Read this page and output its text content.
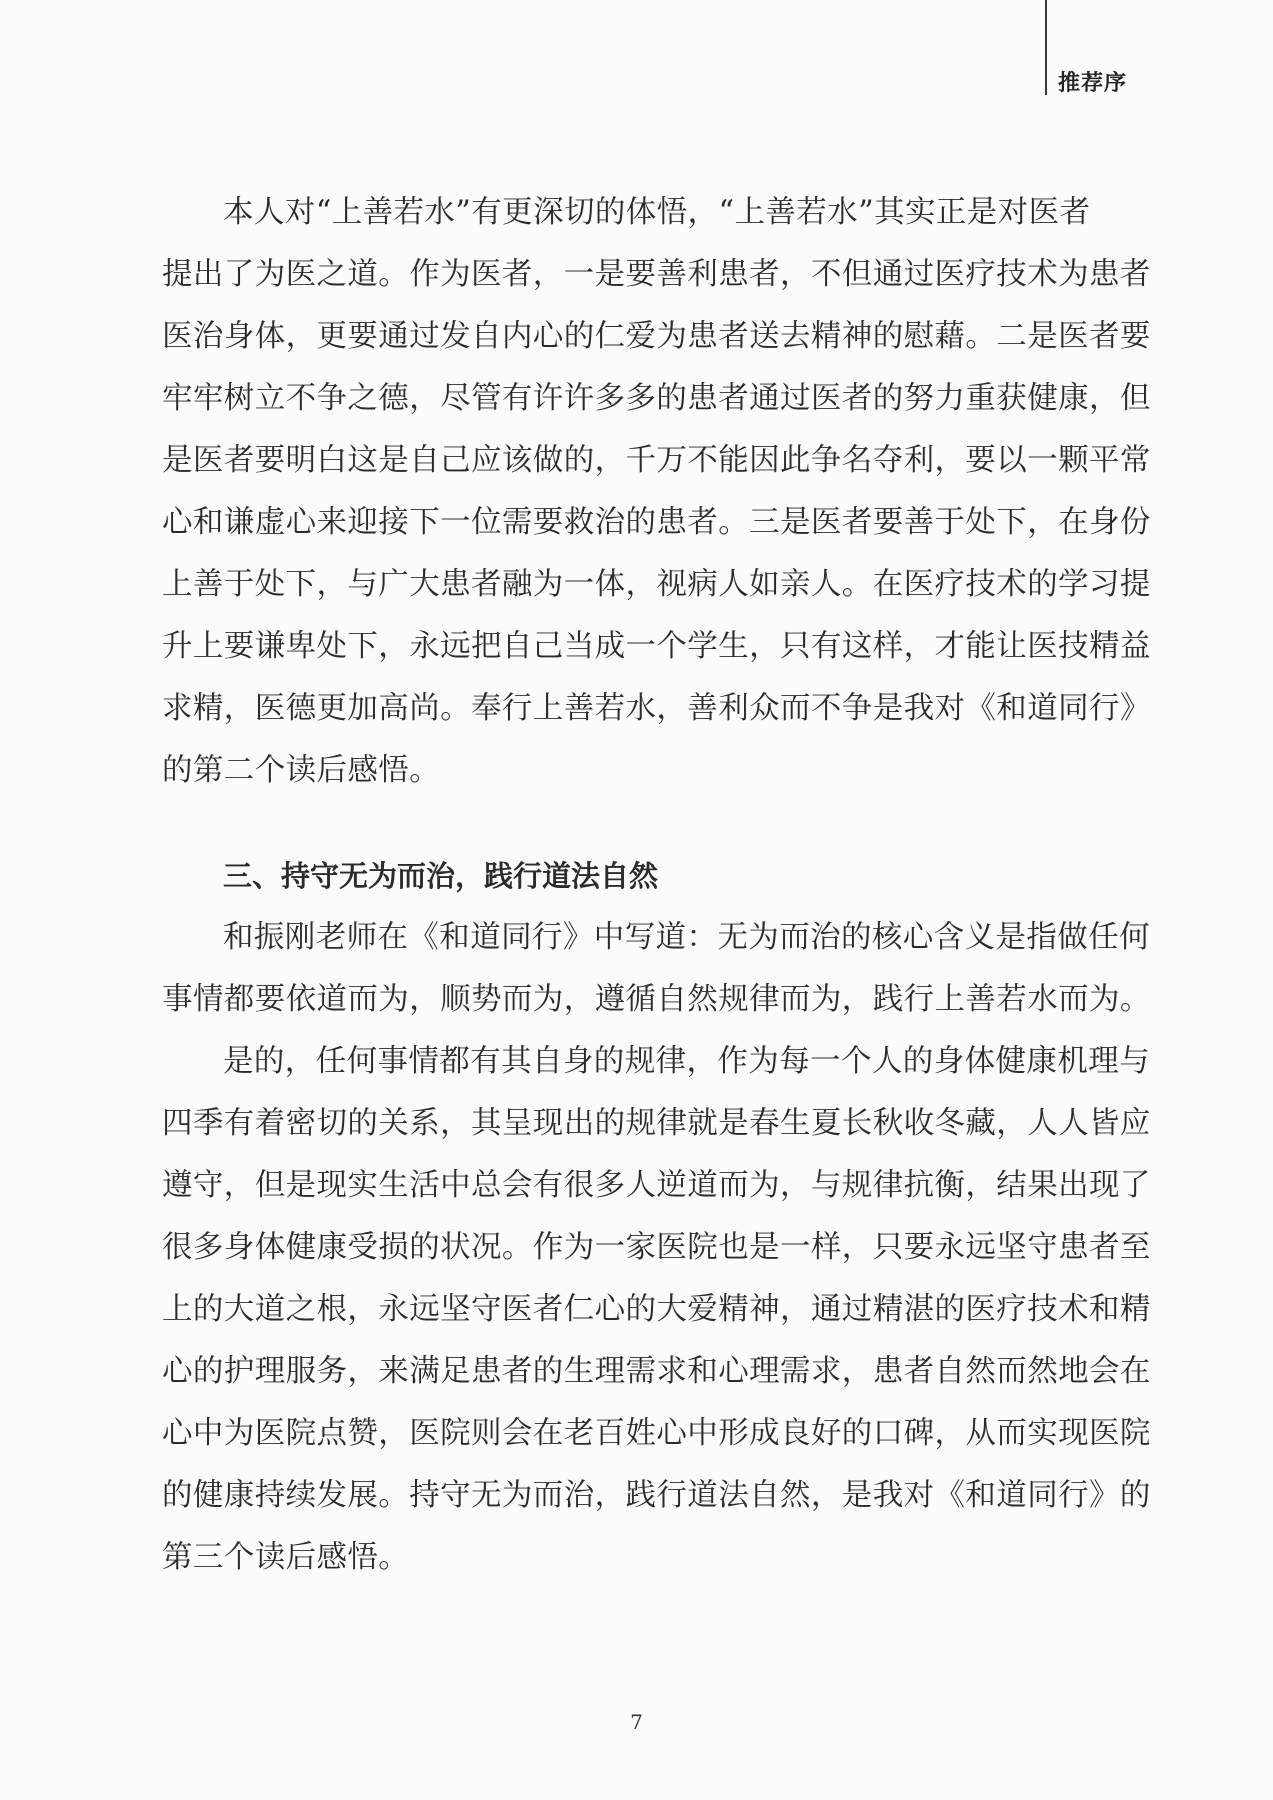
推荐序
本人对“上善若水”有更深切的体悟，“上善若水”其实正是对医者
提出了为医之道。作为医者，一是要善利患者，不但通过医疗技术为患者
医治身体，更要通过发自内心的仁爱为患者送去精神的慰藉。二是医者要
牢牢树立不争之德，尽管有许许多多的患者通过医者的努力重获健康，但
是医者要明白这是自己应该做的，千万不能因此争名夺利，要以一颗平常
心和谦虚心来迎接下一位需要救治的患者。三是医者要善于处下，在身份
上善于处下，与广大患者融为一体，视病人如亲人。在医疗技术的学习提
升上要谦卑处下，永远把自己当成一个学生，只有这样，才能让医技精益
求精，医德更加高尚。奉行上善若水，善利众而不争是我对《和道同行》
的第二个读后感悟。
三、持守无为而治，践行道法自然
和振刚老师在《和道同行》中写道：无为而治的核心含义是指做任何
事情都要依道而为，顺势而为，遵循自然规律而为，践行上善若水而为。
是的，任何事情都有其自身的规律，作为每一个人的身体健康机理与
四季有着密切的关系，其呈现出的规律就是春生夏长秋收冬藏，人人皆应
遵守，但是现实生活中总会有很多人逆道而为，与规律抗衡，结果出现了
很多身体健康受损的状况。作为一家医院也是一样，只要永远坚守患者至
上的大道之根，永远坚守医者仁心的大爱精神，通过精湛的医疗技术和精
心的护理服务，来满足患者的生理需求和心理需求，患者自然而然地会在
心中为医院点赞，医院则会在老百姓心中形成良好的口碑，从而实现医院
的健康持续发展。持守无为而治，践行道法自然，是我对《和道同行》的
第三个读后感悟。
7
